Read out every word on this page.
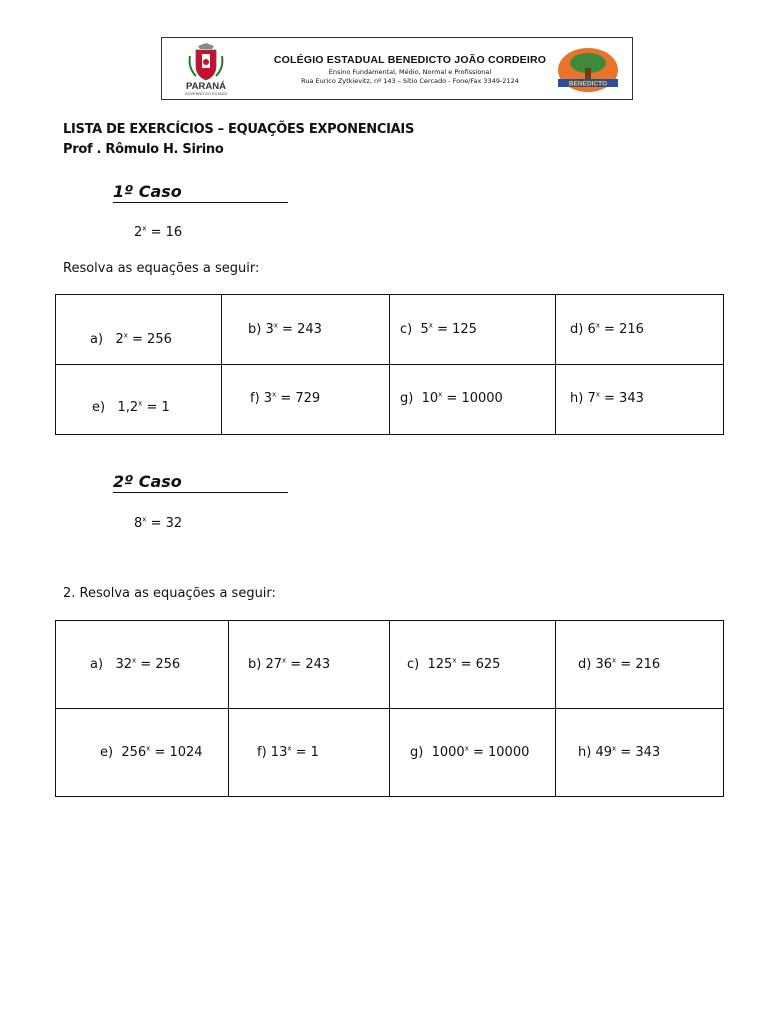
PARANÁ
GOVERNO DO ESTADO
COLÉGIO ESTADUAL BENEDICTO JOÃO CORDEIRO
Ensino Fundamental, Médio, Normal e Profissional
Rua Eurico Zytkievitz, nº 143 – Sítio Cercado - Fone/Fax 3349-2124	BENEDICTO
LISTA DE EXERCÍCIOS – EQUAÇÕES EXPONENCIAIS
Prof . Rômulo H. Sirino
1º Caso
$2^x = 16$
Resolva as equações a seguir:
a) $2^x = 256$	b) $3^x = 243$	c) $5^x = 125$	d) $6^x = 216$

e) $1,2^x = 1$	f) $3^x = 729$	g) $10^x = 10000$	h) $7^x = 343$
2º Caso
$8^x = 32$
2. Resolva as equações a seguir:
a) $32^x = 256$	b) $27^x = 243$	c) $125^x = 625$	d) $36^x = 216$

e) $256^x = 1024$	f) $13^x = 1$	g) $1000^x = 10000$	h) $49^x = 343$
